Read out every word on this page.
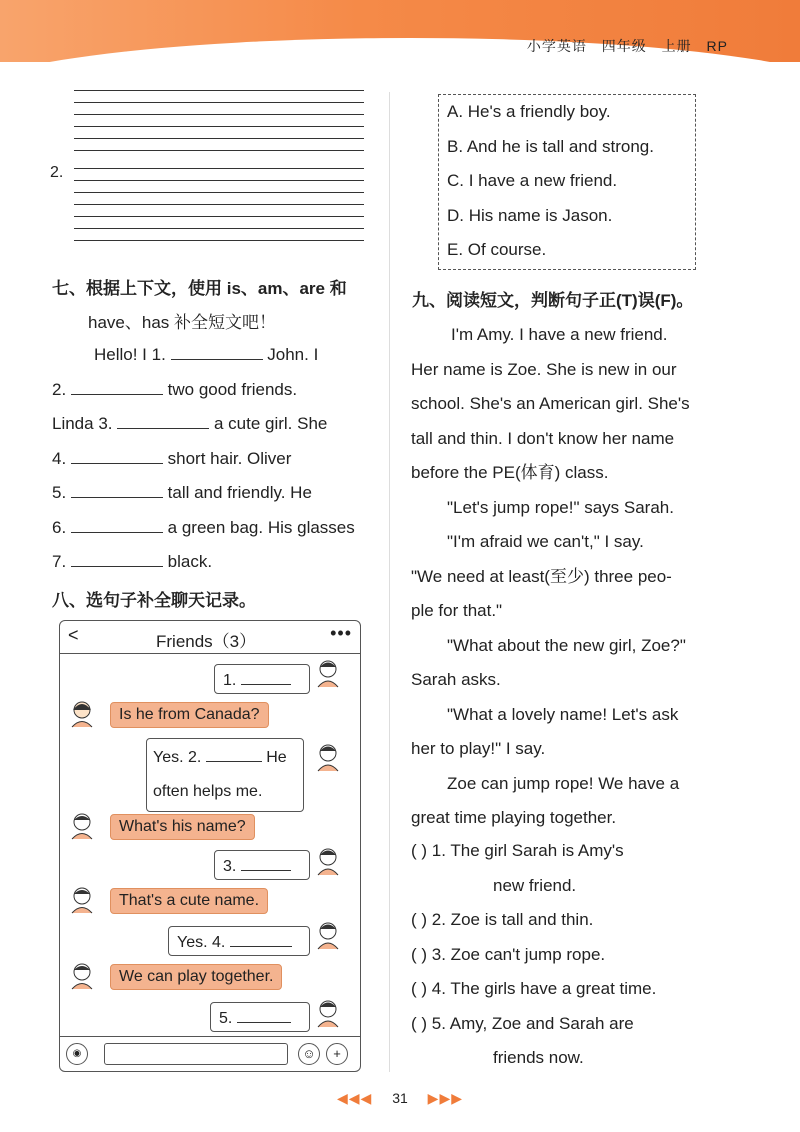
小学英语 四年级 上册 RP
2.
七、根据上下文，使用 is、am、are 和
have、has 补全短文吧！
Hello! I 1.	John. I
2.	two good friends.
Linda 3.	a cute girl. She
4.	short hair. Oliver
5.	tall and friendly. He
6.	a green bag. His glasses
7.	black.
八、选句子补全聊天记录。
<	Friends（3）	•••
1.
Is he from Canada?
Yes. 2.	He
often helps me.
What's his name?
3.
That's a cute name.
Yes. 4.
We can play together.
5.
◉	☺	+
A. He's a friendly boy.
B. And he is tall and strong.
C. I have a new friend.
D. His name is Jason.
E. Of course.
九、阅读短文，判断句子正(T)误(F)。
I'm Amy. I have a new friend.
Her name is Zoe. She is new in our
school. She's an American girl. She's
tall and thin. I don't know her name
before the PE(体育) class.
"Let's jump rope!" says Sarah.
"I'm afraid we can't," I say.
"We need at least(至少) three peo-
ple for that."
"What about the new girl, Zoe?"
Sarah asks.
"What a lovely name! Let's ask
her to play!" I say.
Zoe can jump rope! We have a
great time playing together.
( ) 1. The girl Sarah is Amy's
new friend.
( ) 2. Zoe is tall and thin.
( ) 3. Zoe can't jump rope.
( ) 4. The girls have a great time.
( ) 5. Amy, Zoe and Sarah are
friends now.
◀◀◀ 31 ▶▶▶
